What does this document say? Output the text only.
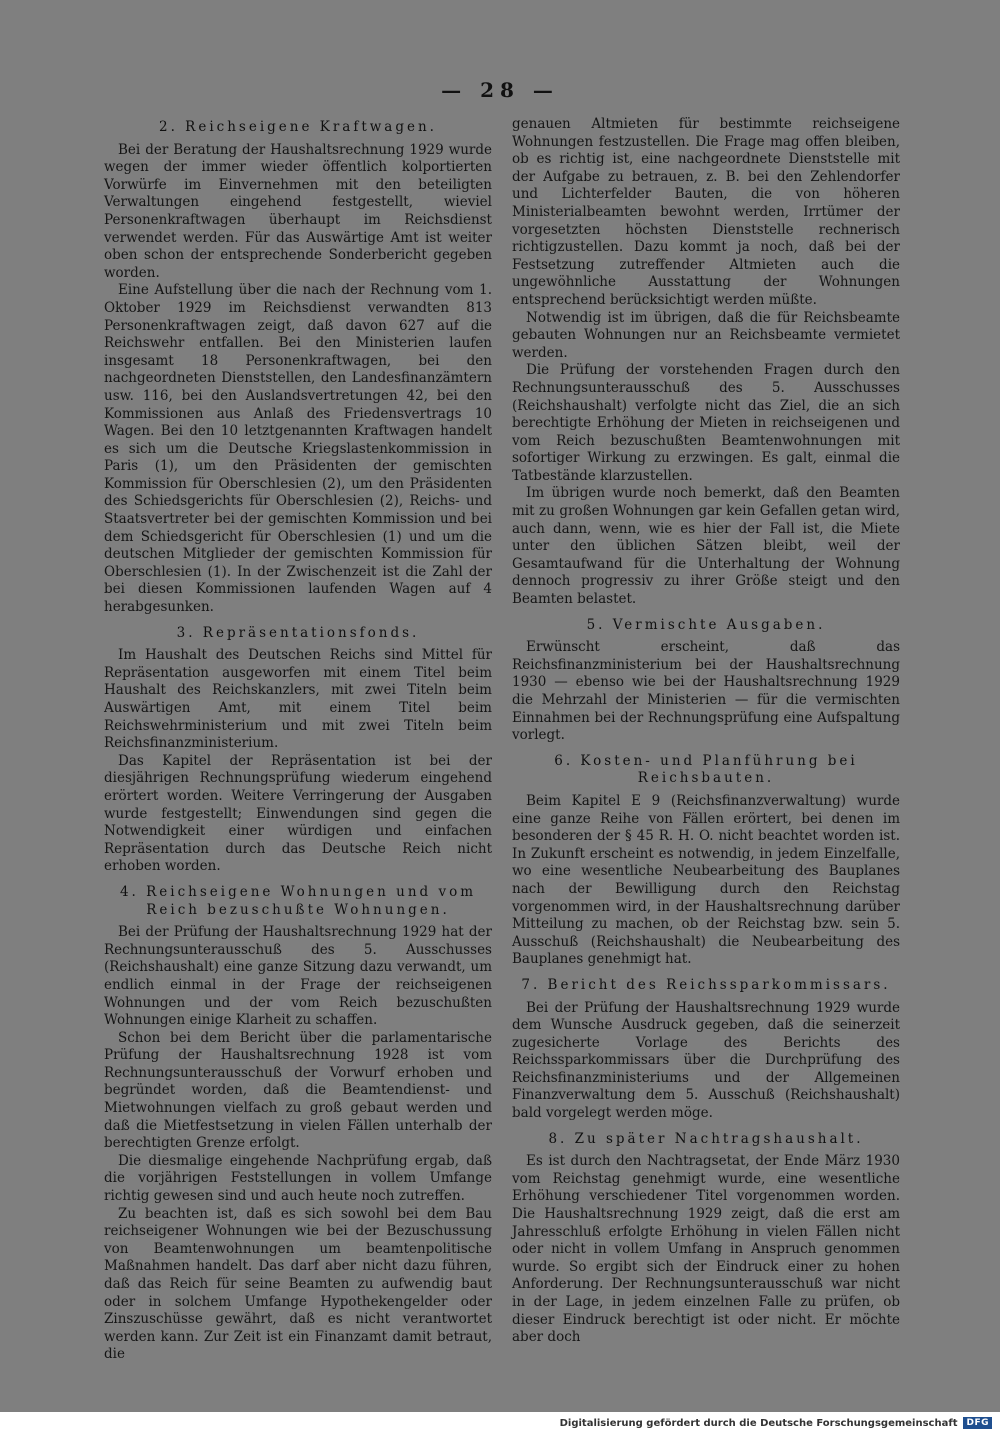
— 28 —
2. Reichseigene Kraftwagen.

Bei der Beratung der Haushaltsrechnung 1929 wurde wegen der immer wieder öffentlich kolportierten Vorwürfe im Einvernehmen mit den beteiligten Verwaltungen eingehend festgestellt, wieviel Personenkraftwagen überhaupt im Reichsdienst verwendet werden. Für das Auswärtige Amt ist weiter oben schon der entsprechende Sonderbericht gegeben worden.

Eine Aufstellung über die nach der Rechnung vom 1. Oktober 1929 im Reichsdienst verwandten 813 Personenkraftwagen zeigt, daß davon 627 auf die Reichswehr entfallen. Bei den Ministerien laufen insgesamt 18 Personenkraftwagen, bei den nachgeordneten Dienststellen, den Landesfinanzämtern usw. 116, bei den Auslandsvertretungen 42, bei den Kommissionen aus Anlaß des Friedensvertrags 10 Wagen. Bei den 10 letztgenannten Kraftwagen handelt es sich um die Deutsche Kriegslastenkommission in Paris (1), um den Präsidenten der gemischten Kommission für Oberschlesien (2), um den Präsidenten des Schiedsgerichts für Oberschlesien (2), Reichs- und Staatsvertreter bei der gemischten Kommission und bei dem Schiedsgericht für Oberschlesien (1) und um die deutschen Mitglieder der gemischten Kommission für Oberschlesien (1). In der Zwischenzeit ist die Zahl der bei diesen Kommissionen laufenden Wagen auf 4 herabgesunken.

3. Repräsentationsfonds.

Im Haushalt des Deutschen Reichs sind Mittel für Repräsentation ausgeworfen mit einem Titel beim Haushalt des Reichskanzlers, mit zwei Titeln beim Auswärtigen Amt, mit einem Titel beim Reichswehrministerium und mit zwei Titeln beim Reichsfinanzministerium.

Das Kapitel der Repräsentation ist bei der diesjährigen Rechnungsprüfung wiederum eingehend erörtert worden. Weitere Verringerung der Ausgaben wurde festgestellt; Einwendungen sind gegen die Notwendigkeit einer würdigen und einfachen Repräsentation durch das Deutsche Reich nicht erhoben worden.

4. Reichseigene Wohnungen und vom Reich bezuschußte Wohnungen.

Bei der Prüfung der Haushaltsrechnung 1929 hat der Rechnungsunterausschuß des 5. Ausschusses (Reichshaushalt) eine ganze Sitzung dazu verwandt, um endlich einmal in der Frage der reichseigenen Wohnungen und der vom Reich bezuschußten Wohnungen einige Klarheit zu schaffen.

Schon bei dem Bericht über die parlamentarische Prüfung der Haushaltsrechnung 1928 ist vom Rechnungsunterausschuß der Vorwurf erhoben und begründet worden, daß die Beamtendienst- und Mietwohnungen vielfach zu groß gebaut werden und daß die Mietfestsetzung in vielen Fällen unterhalb der berechtigten Grenze erfolgt.

Die diesmalige eingehende Nachprüfung ergab, daß die vorjährigen Feststellungen in vollem Umfange richtig gewesen sind und auch heute noch zutreffen.

Zu beachten ist, daß es sich sowohl bei dem Bau reichseigener Wohnungen wie bei der Bezuschussung von Beamtenwohnungen um beamtenpolitische Maßnahmen handelt. Das darf aber nicht dazu führen, daß das Reich für seine Beamten zu aufwendig baut oder in solchem Umfange Hypothekengelder oder Zinszuschüsse gewährt, daß es nicht verantwortet werden kann. Zur Zeit ist ein Finanzamt damit betraut, die

genauen Altmieten für bestimmte reichseigene Wohnungen festzustellen. Die Frage mag offen bleiben, ob es richtig ist, eine nachgeordnete Dienststelle mit der Aufgabe zu betrauen, z. B. bei den Zehlendorfer und Lichterfelder Bauten, die von höheren Ministerialbeamten bewohnt werden, Irrtümer der vorgesetzten höchsten Dienststelle rechnerisch richtigzustellen. Dazu kommt ja noch, daß bei der Festsetzung zutreffender Altmieten auch die ungewöhnliche Ausstattung der Wohnungen entsprechend berücksichtigt werden müßte.

Notwendig ist im übrigen, daß die für Reichsbeamte gebauten Wohnungen nur an Reichsbeamte vermietet werden.

Die Prüfung der vorstehenden Fragen durch den Rechnungsunterausschuß des 5. Ausschusses (Reichshaushalt) verfolgte nicht das Ziel, die an sich berechtigte Erhöhung der Mieten in reichseigenen und vom Reich bezuschußten Beamtenwohnungen mit sofortiger Wirkung zu erzwingen. Es galt, einmal die Tatbestände klarzustellen.

Im übrigen wurde noch bemerkt, daß den Beamten mit zu großen Wohnungen gar kein Gefallen getan wird, auch dann, wenn, wie es hier der Fall ist, die Miete unter den üblichen Sätzen bleibt, weil der Gesamtaufwand für die Unterhaltung der Wohnung dennoch progressiv zu ihrer Größe steigt und den Beamten belastet.

5. Vermischte Ausgaben.

Erwünscht erscheint, daß das Reichsfinanzministerium bei der Haushaltsrechnung 1930 — ebenso wie bei der Haushaltsrechnung 1929 die Mehrzahl der Ministerien — für die vermischten Einnahmen bei der Rechnungsprüfung eine Aufspaltung vorlegt.

6. Kosten- und Planführung bei Reichsbauten.

Beim Kapitel E 9 (Reichsfinanzverwaltung) wurde eine ganze Reihe von Fällen erörtert, bei denen im besonderen der § 45 R. H. O. nicht beachtet worden ist. In Zukunft erscheint es notwendig, in jedem Einzelfalle, wo eine wesentliche Neubearbeitung des Bauplanes nach der Bewilligung durch den Reichstag vorgenommen wird, in der Haushaltsrechnung darüber Mitteilung zu machen, ob der Reichstag bzw. sein 5. Ausschuß (Reichshaushalt) die Neubearbeitung des Bauplanes genehmigt hat.

7. Bericht des Reichssparkommissars.

Bei der Prüfung der Haushaltsrechnung 1929 wurde dem Wunsche Ausdruck gegeben, daß die seinerzeit zugesicherte Vorlage des Berichts des Reichssparkommissars über die Durchprüfung des Reichsfinanzministeriums und der Allgemeinen Finanzverwaltung dem 5. Ausschuß (Reichshaushalt) bald vorgelegt werden möge.

8. Zu später Nachtragshaushalt.

Es ist durch den Nachtragsetat, der Ende März 1930 vom Reichstag genehmigt wurde, eine wesentliche Erhöhung verschiedener Titel vorgenommen worden. Die Haushaltsrechnung 1929 zeigt, daß die erst am Jahresschluß erfolgte Erhöhung in vielen Fällen nicht oder nicht in vollem Umfang in Anspruch genommen wurde. So ergibt sich der Eindruck einer zu hohen Anforderung. Der Rechnungsunterausschuß war nicht in der Lage, in jedem einzelnen Falle zu prüfen, ob dieser Eindruck berechtigt ist oder nicht. Er möchte aber doch

Digitalisierung gefördert durch die Deutsche Forschungsgemeinschaft	DFG
